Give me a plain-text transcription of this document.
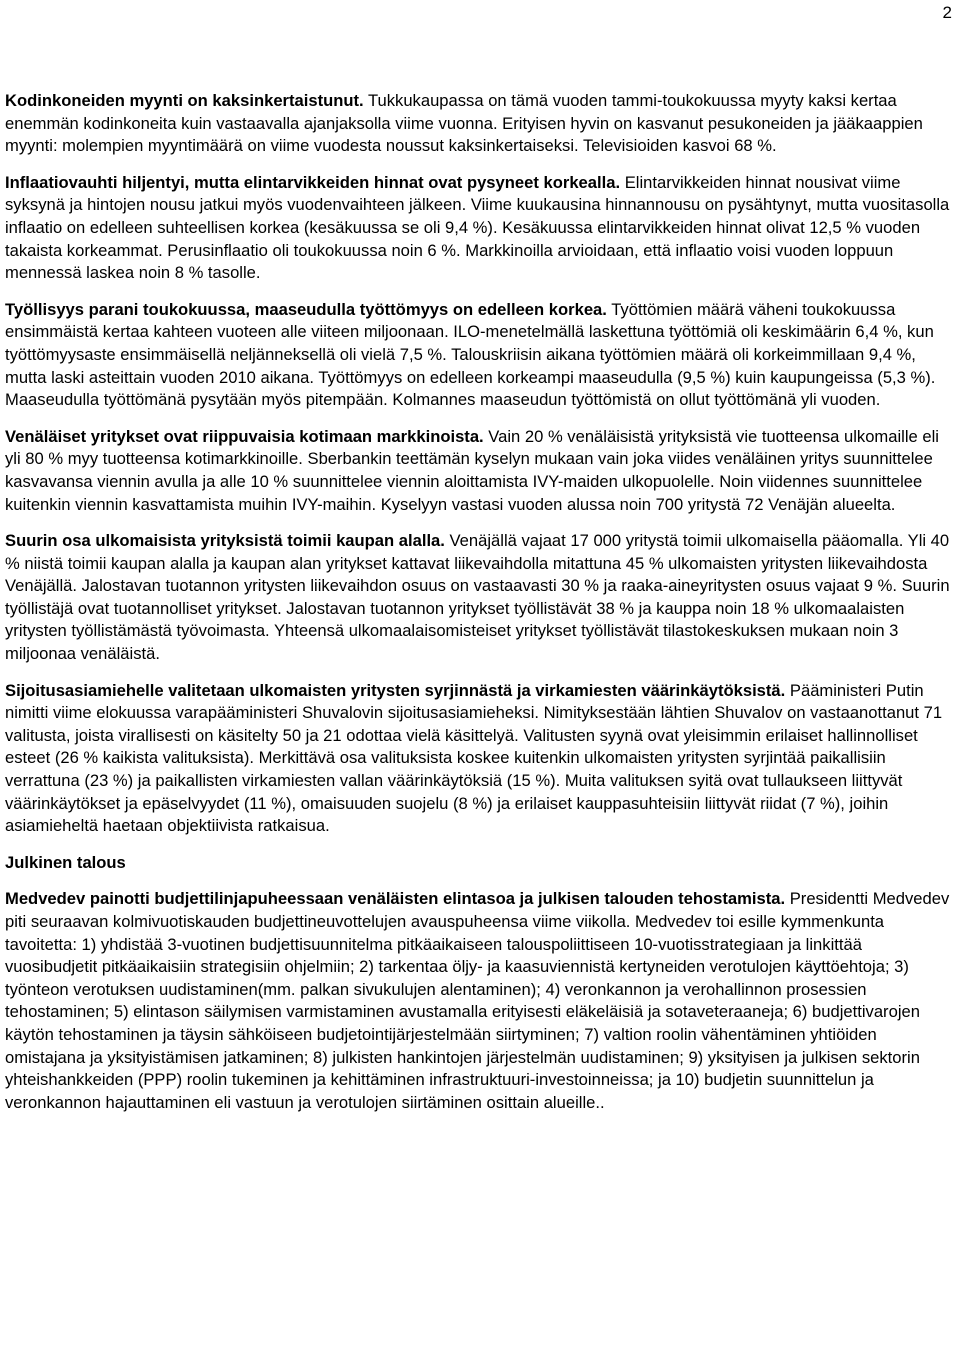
2

Kodinkoneiden myynti on kaksinkertaistunut. Tukkukaupassa on tämä vuoden tammi-toukokuussa myyty kaksi kertaa enemmän kodinkoneita kuin vastaavalla ajanjaksolla viime vuonna. Erityisen hyvin on kasvanut pesukoneiden ja jääkaappien myynti: molempien myyntimäärä on viime vuodesta noussut kaksinkertaiseksi. Televisioiden kasvoi 68 %.

Inflaatiovauhti hiljentyi, mutta elintarvikkeiden hinnat ovat pysyneet korkealla. Elintarvikkeiden hinnat nousivat viime syksynä ja hintojen nousu jatkui myös vuodenvaihteen jälkeen. Viime kuukausina hinnannousu on pysähtynyt, mutta vuositasolla inflaatio on edelleen suhteellisen korkea (kesäkuussa se oli 9,4 %). Kesäkuussa elintarvikkeiden hinnat olivat 12,5 % vuoden takaista korkeammat. Perusinflaatio oli toukokuussa noin 6 %. Markkinoilla arvioidaan, että inflaatio voisi vuoden loppuun mennessä laskea noin 8 % tasolle.

Työllisyys parani toukokuussa, maaseudulla työttömyys on edelleen korkea. Työttömien määrä väheni toukokuussa ensimmäistä kertaa kahteen vuoteen alle viiteen miljoonaan. ILO-menetelmällä laskettuna työttömiä oli keskimäärin 6,4 %, kun työttömyysaste ensimmäisellä neljänneksellä oli vielä 7,5 %. Talouskriisin aikana työttömien määrä oli korkeimmillaan 9,4 %, mutta laski asteittain vuoden 2010 aikana. Työttömyys on edelleen korkeampi maaseudulla (9,5 %) kuin kaupungeissa (5,3 %). Maaseudulla työttömänä pysytään myös pitempään. Kolmannes maaseudun työttömistä on ollut työttömänä yli vuoden.

Venäläiset yritykset ovat riippuvaisia kotimaan markkinoista. Vain 20 % venäläisistä yrityksistä vie tuotteensa ulkomaille eli yli 80 % myy tuotteensa kotimarkkinoille. Sberbankin teettämän kyselyn mukaan vain joka viides venäläinen yritys suunnittelee kasvavansa viennin avulla ja alle 10 % suunnittelee viennin aloittamista IVY-maiden ulkopuolelle. Noin viidennes suunnittelee kuitenkin viennin kasvattamista muihin IVY-maihin. Kyselyyn vastasi vuoden alussa noin 700 yritystä 72 Venäjän alueelta.

Suurin osa ulkomaisista yrityksistä toimii kaupan alalla. Venäjällä vajaat 17 000 yritystä toimii ulkomaisella pääomalla. Yli 40 % niistä toimii kaupan alalla ja kaupan alan yritykset kattavat liikevaihdolla mitattuna 45 % ulkomaisten yritysten liikevaihdosta Venäjällä. Jalostavan tuotannon yritysten liikevaihdon osuus on vastaavasti 30 % ja raaka-aineyritysten osuus vajaat 9 %. Suurin työllistäjä ovat tuotannolliset yritykset. Jalostavan tuotannon yritykset työllistävät 38 % ja kauppa noin 18 % ulkomaalaisten yritysten työllistämästä työvoimasta. Yhteensä ulkomaalaisomisteiset yritykset työllistävät tilastokeskuksen mukaan noin 3 miljoonaa venäläistä.

Sijoitusasiamiehelle valitetaan ulkomaisten yritysten syrjinnästä ja virkamiesten väärinkäytöksistä. Pääministeri Putin nimitti viime elokuussa varapääministeri Shuvalovin sijoitusasiamieheksi. Nimityksestään lähtien Shuvalov on vastaanottanut 71 valitusta, joista virallisesti on käsitelty 50 ja 21 odottaa vielä käsittelyä. Valitusten syynä ovat yleisimmin erilaiset hallinnolliset esteet (26 % kaikista valituksista). Merkittävä osa valituksista koskee kuitenkin ulkomaisten yritysten syrjintää paikallisiin verrattuna (23 %) ja paikallisten virkamiesten vallan väärinkäytöksiä (15 %). Muita valituksen syitä ovat tullaukseen liittyvät väärinkäytökset ja epäselvyydet (11 %), omaisuuden suojelu (8 %) ja erilaiset kauppasuhteisiin liittyvät riidat (7 %), joihin asiamieheltä haetaan objektiivista ratkaisua.

Julkinen talous

Medvedev painotti budjettilinjapuheessaan venäläisten elintasoa ja julkisen talouden tehostamista. Presidentti Medvedev piti seuraavan kolmivuotiskauden budjettineuvottelujen avauspuheensa viime viikolla. Medvedev toi esille kymmenkunta tavoitetta: 1) yhdistää 3-vuotinen budjettisuunnitelma pitkäaikaiseen talouspoliittiseen 10-vuotisstrategiaan ja linkittää vuosibudjetit pitkäaikaisiin strategisiin ohjelmiin; 2) tarkentaa öljy- ja kaasuviennistä kertyneiden verotulojen käyttöehtoja; 3) työnteon verotuksen uudistaminen(mm. palkan sivukulujen alentaminen); 4) veronkannon ja verohallinnon prosessien tehostaminen; 5) elintason säilymisen varmistaminen avustamalla erityisesti eläkeläisiä ja sotaveteraaneja; 6) budjettivarojen käytön tehostaminen ja täysin sähköiseen budjetointijärjestelmään siirtyminen; 7) valtion roolin vähentäminen yhtiöiden omistajana ja yksityistämisen jatkaminen; 8) julkisten hankintojen järjestelmän uudistaminen; 9) yksityisen ja julkisen sektorin yhteishankkeiden (PPP) roolin tukeminen ja kehittäminen infrastruktuuri-investoinneissa; ja 10) budjetin suunnittelun ja veronkannon hajauttaminen eli vastuun ja verotulojen siirtäminen osittain alueille..
